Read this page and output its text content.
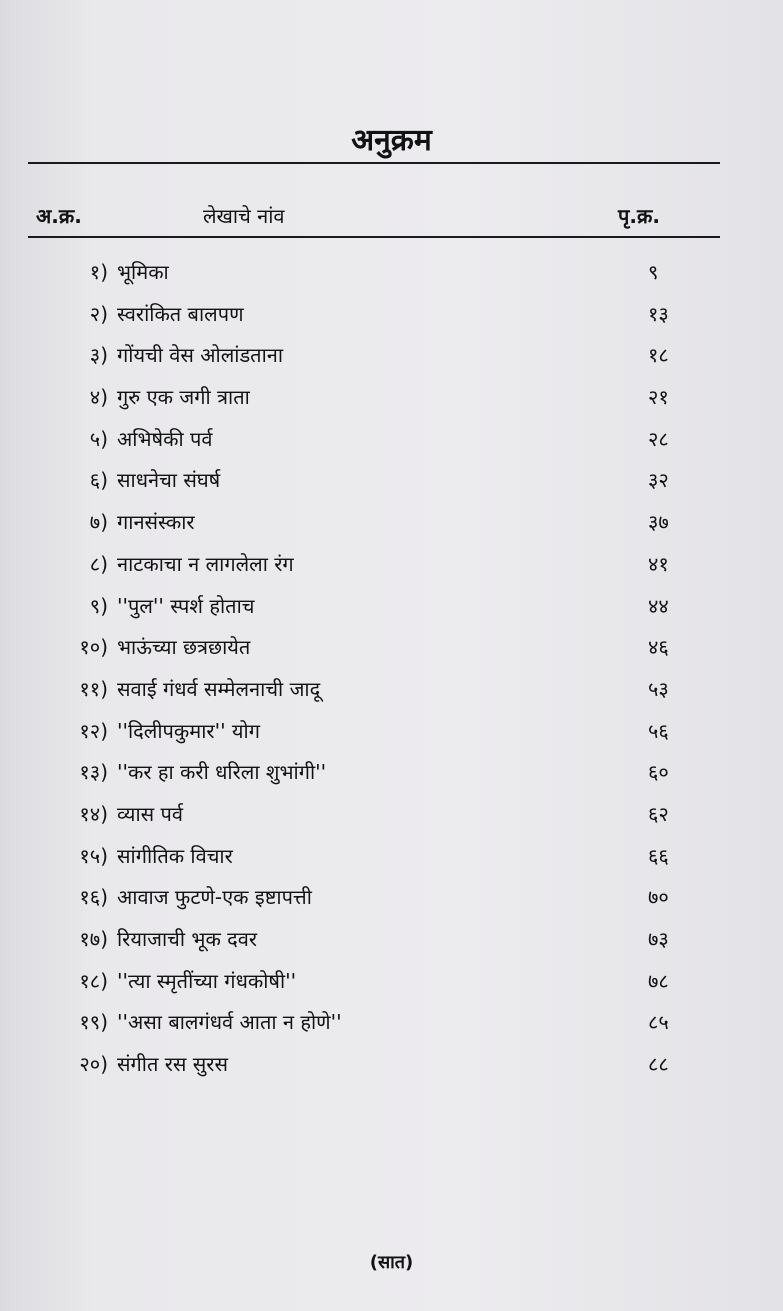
अनुक्रम
अ.क्र.	लेखाचे नांव	पृ.क्र.
१) भूमिका	९
२) स्वरांकित बालपण	१३
३) गोंयची वेस ओलांडताना	१८
४) गुरु एक जगी त्राता	२१
५) अभिषेकी पर्व	२८
६) साधनेचा संघर्ष	३२
७) गानसंस्कार	३७
८) नाटकाचा न लागलेला रंग	४१
९) ''पुल'' स्पर्श होताच	४४
१०) भाऊंच्या छत्रछायेत	४६
११) सवाई गंधर्व सम्मेलनाची जादू	५३
१२) ''दिलीपकुमार'' योग	५६
१३) ''कर हा करी धरिला शुभांगी''	६०
१४) व्यास पर्व	६२
१५) सांगीतिक विचार	६६
१६) आवाज फुटणे-एक इष्टापत्ती	७०
१७) रियाजाची भूक दवर	७३
१८) ''त्या स्मृतींच्या गंधकोषी''	७८
१९) ''असा बालगंधर्व आता न होणे''	८५
२०) संगीत रस सुरस	८८
(सात)
